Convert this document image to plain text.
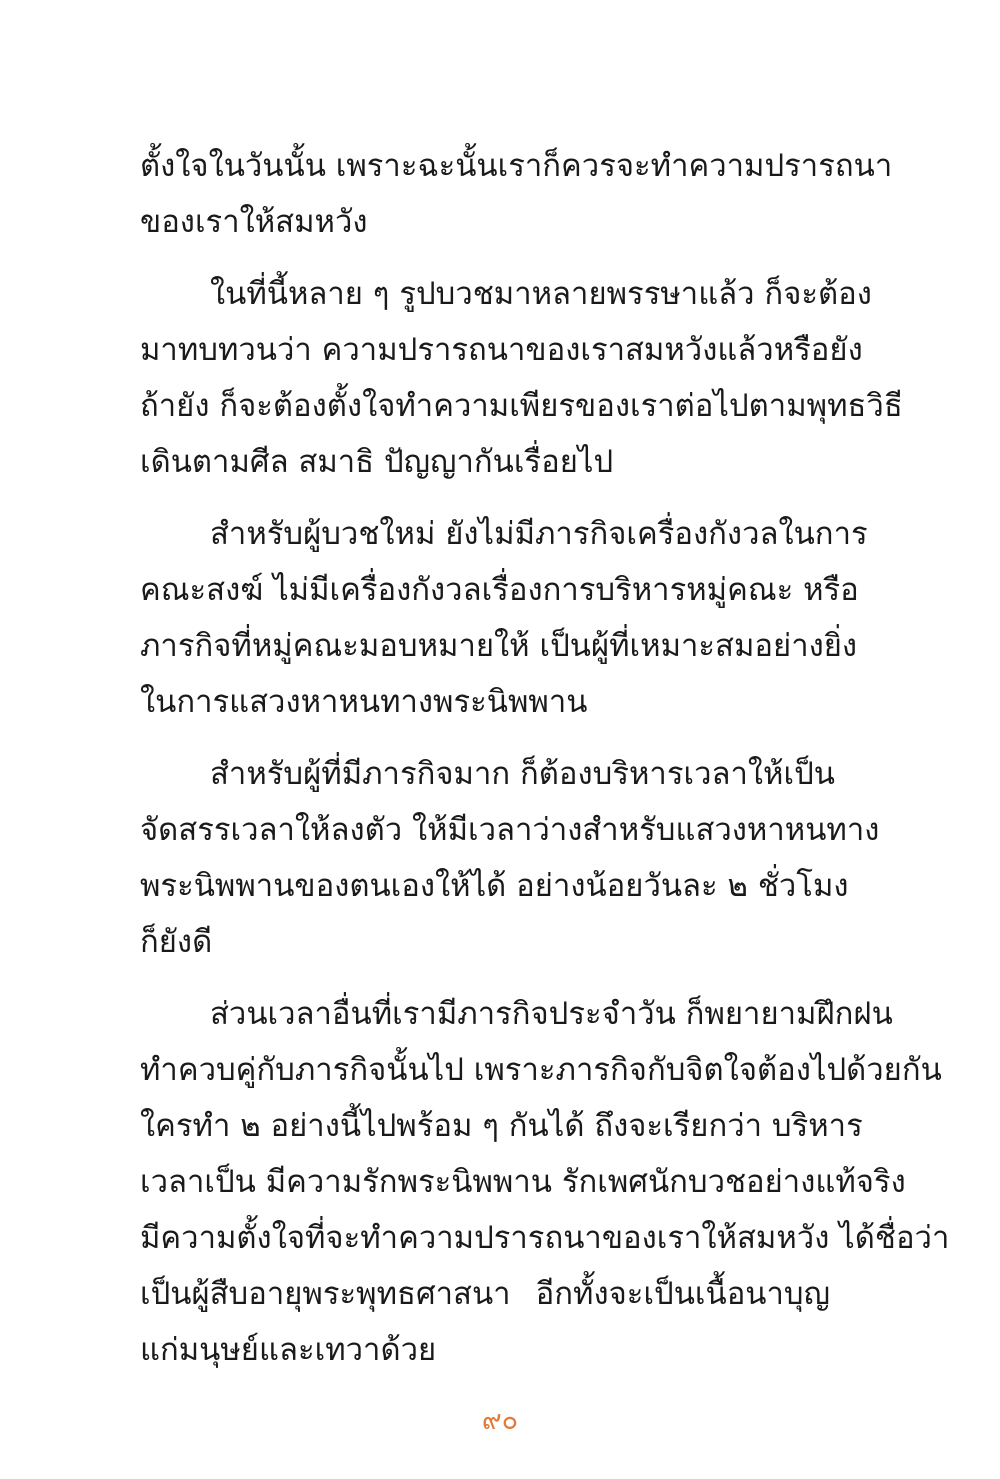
ตั้งใจในวันนั้น เพราะฉะนั้นเราก็ควรจะทำความปรารถนา
ของเราให้สมหวัง
ในที่นี้หลาย ๆ รูปบวชมาหลายพรรษาแล้ว ก็จะต้อง
มาทบทวนว่า ความปรารถนาของเราสมหวังแล้วหรือยัง
ถ้ายัง ก็จะต้องตั้งใจทำความเพียรของเราต่อไปตามพุทธวิธี
เดินตามศีล สมาธิ ปัญญากันเรื่อยไป
สำหรับผู้บวชใหม่ ยังไม่มีภารกิจเครื่องกังวลในการ
คณะสงฆ์ ไม่มีเครื่องกังวลเรื่องการบริหารหมู่คณะ หรือ
ภารกิจที่หมู่คณะมอบหมายให้ เป็นผู้ที่เหมาะสมอย่างยิ่ง
ในการแสวงหาหนทางพระนิพพาน
สำหรับผู้ที่มีภารกิจมาก ก็ต้องบริหารเวลาให้เป็น
จัดสรรเวลาให้ลงตัว ให้มีเวลาว่างสำหรับแสวงหาหนทาง
พระนิพพานของตนเองให้ได้ อย่างน้อยวันละ ๒ ชั่วโมง
ก็ยังดี
ส่วนเวลาอื่นที่เรามีภารกิจประจำวัน ก็พยายามฝึกฝน
ทำควบคู่กับภารกิจนั้นไป เพราะภารกิจกับจิตใจต้องไปด้วยกัน
ใครทำ ๒ อย่างนี้ไปพร้อม ๆ กันได้ ถึงจะเรียกว่า บริหาร
เวลาเป็น มีความรักพระนิพพาน รักเพศนักบวชอย่างแท้จริง
มีความตั้งใจที่จะทำความปรารถนาของเราให้สมหวัง ได้ชื่อว่า
เป็นผู้สืบอายุพระพุทธศาสนา อีกทั้งจะเป็นเนื้อนาบุญ
แก่มนุษย์และเทวาด้วย
๙๐
